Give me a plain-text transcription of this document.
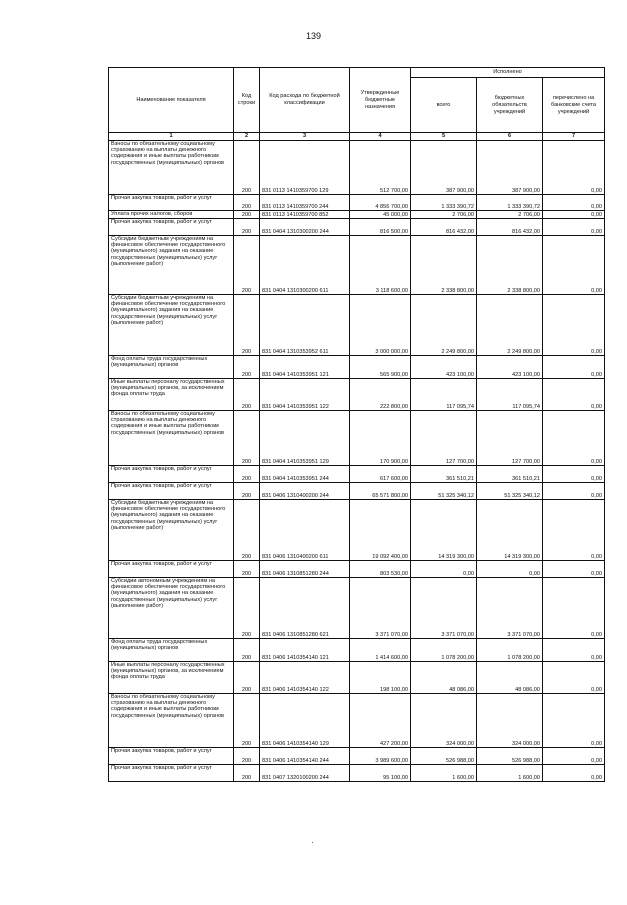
139
Наименование показателя	Код строки	Код расхода по бюджетной классификации	Утвержденные бюджетные назначения	Исполнено		
				всего	бюджетных обязательств учреждений	перечислено на банковские счета учреждений
1	2	3	4	5	6	7
Взносы по обязательному социальному страхованию на выплаты денежного содержания и иные выплаты работникам государственных (муниципальных) органов	200	831 0113 1410359700 129	512 700,00	387 900,00	387 900,00	0,00
Прочая закупка товаров, работ и услуг	200	831 0113 1410359700 244	4 856 700,00	1 333 390,72	1 333 390,72	0,00
Уплата прочих налогов, сборов	200	831 0113 1410359700 852	45 000,00	2 706,00	2 706,00	0,00
Прочая закупка товаров, работ и услуг	200	831 0404 1310300200 244	816 500,00	816 432,00	816 432,00	0,00
Субсидии бюджетным учреждениям на финансовое обеспечение государственного (муниципального) задания на оказание государственных (муниципальных) услуг (выполнение работ)	200	831 0404 1310300200 611	3 118 600,00	2 338 800,00	2 338 800,00	0,00
Субсидии бюджетным учреждениям на финансовое обеспечение государственного (муниципального) задания на оказание государственных (муниципальных) услуг (выполнение работ)	200	831 0404 1310353952 611	3 000 000,00	2 249 800,00	2 249 800,00	0,00
Фонд оплаты труда государственных (муниципальных) органов	200	831 0404 1410353951 121	565 900,00	423 100,00	423 100,00	0,00
Иные выплаты персоналу государственных (муниципальных) органов, за исключением фонда оплаты труда	200	831 0404 1410353951 122	222 800,00	117 095,74	117 095,74	0,00
Взносы по обязательному социальному страхованию на выплаты денежного содержания и иные выплаты работникам государственных (муниципальных) органов	200	831 0404 1410353951 129	170 900,00	127 700,00	127 700,00	0,00
Прочая закупка товаров, работ и услуг	200	831 0404 1410353951 244	617 600,00	361 510,21	361 510,21	0,00
Прочая закупка товаров, работ и услуг	200	831 0406 1310400200 244	65 571 800,00	51 325 340,12	51 325 340,12	0,00
Субсидии бюджетным учреждениям на финансовое обеспечение государственного (муниципального) задания на оказание государственных (муниципальных) услуг (выполнение работ)	200	831 0406 1310400200 611	19 092 400,00	14 319 300,00	14 319 300,00	0,00
Прочая закупка товаров, работ и услуг	200	831 0406 1310851280 244	803 530,00	0,00	0,00	0,00
Субсидии автономным учреждениям на финансовое обеспечение государственного (муниципального) задания на оказание государственных (муниципальных) услуг (выполнение работ)	200	831 0406 1310851280 621	3 371 070,00	3 371 070,00	3 371 070,00	0,00
Фонд оплаты труда государственных (муниципальных) органов	200	831 0406 1410354140 121	1 414 600,00	1 078 200,00	1 078 200,00	0,00
Иные выплаты персоналу государственных (муниципальных) органов, за исключением фонда оплаты труда	200	831 0406 1410354140 122	198 100,00	48 086,00	48 086,00	0,00
Взносы по обязательному социальному страхованию на выплаты денежного содержания и иные выплаты работникам государственных (муниципальных) органов	200	831 0406 1410354140 129	427 200,00	324 000,00	324 000,00	0,00
Прочая закупка товаров, работ и услуг	200	831 0406 1410354140 244	3 989 600,00	526 988,00	526 988,00	0,00
Прочая закупка товаров, работ и услуг	200	831 0407 1320100200 244	95 100,00	1 600,00	1 600,00	0,00
·
